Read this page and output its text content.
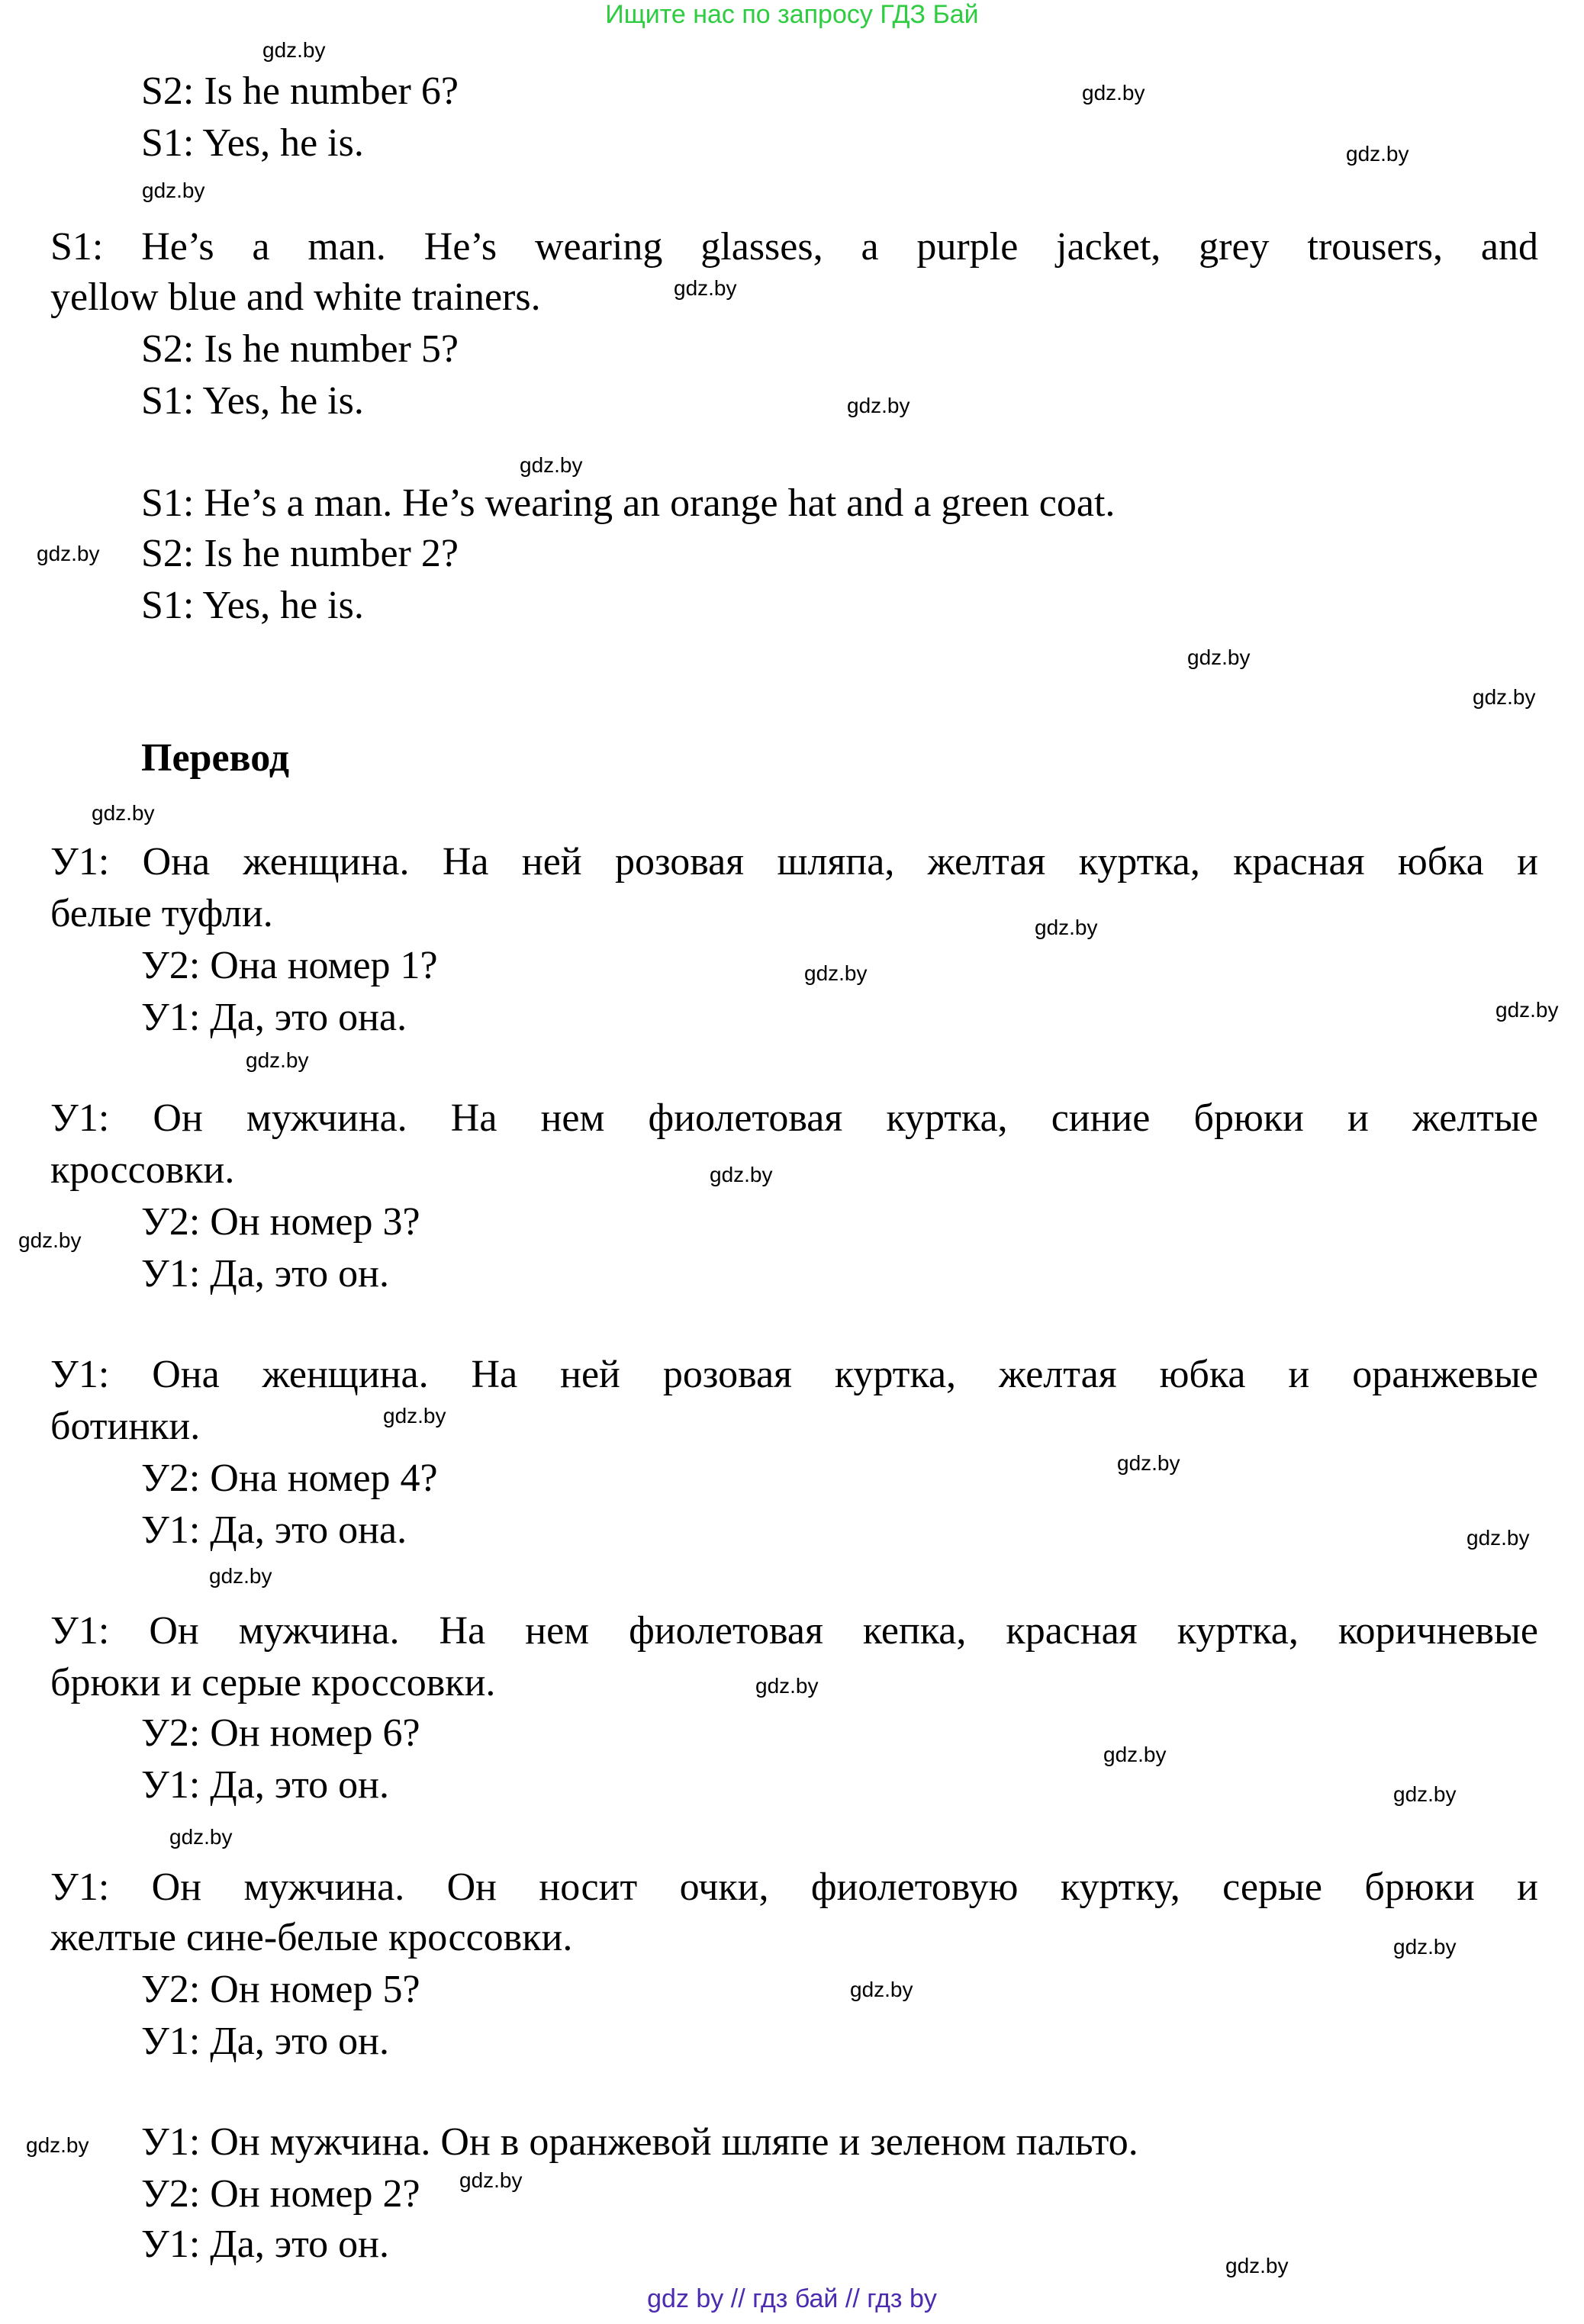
Ищите нас по запросу ГДЗ Бай
S2: Is he number 6?
S1: Yes, he is.
S1: He’s a man. He’s wearing glasses, a purple jacket, grey trousers, and
yellow blue and white trainers.
S2: Is he number 5?
S1: Yes, he is.
S1: He’s a man. He’s wearing an orange hat and a green coat.
S2: Is he number 2?
S1: Yes, he is.
Перевод
У1: Она женщина. На ней розовая шляпа, желтая куртка, красная юбка и
белые туфли.
У2: Она номер 1?
У1: Да, это она.
У1: Он мужчина. На нем фиолетовая куртка, синие брюки и желтые
кроссовки.
У2: Он номер 3?
У1: Да, это он.
У1: Она женщина. На ней розовая куртка, желтая юбка и оранжевые
ботинки.
У2: Она номер 4?
У1: Да, это она.
У1: Он мужчина. На нем фиолетовая кепка, красная куртка, коричневые
брюки и серые кроссовки.
У2: Он номер 6?
У1: Да, это он.
У1: Он мужчина. Он носит очки, фиолетовую куртку, серые брюки и
желтые сине-белые кроссовки.
У2: Он номер 5?
У1: Да, это он.
У1: Он мужчина. Он в оранжевой шляпе и зеленом пальто.
У2: Он номер 2?
У1: Да, это он.
gdz.by
gdz.by
gdz.by
gdz.by
gdz.by
gdz.by
gdz.by
gdz.by
gdz.by
gdz.by
gdz.by
gdz.by
gdz.by
gdz.by
gdz.by
gdz.by
gdz.by
gdz.by
gdz.by
gdz.by
gdz.by
gdz.by
gdz.by
gdz.by
gdz.by
gdz.by
gdz.by
gdz.by
gdz.by
gdz.by
gdz by // гдз бай // гдз by
